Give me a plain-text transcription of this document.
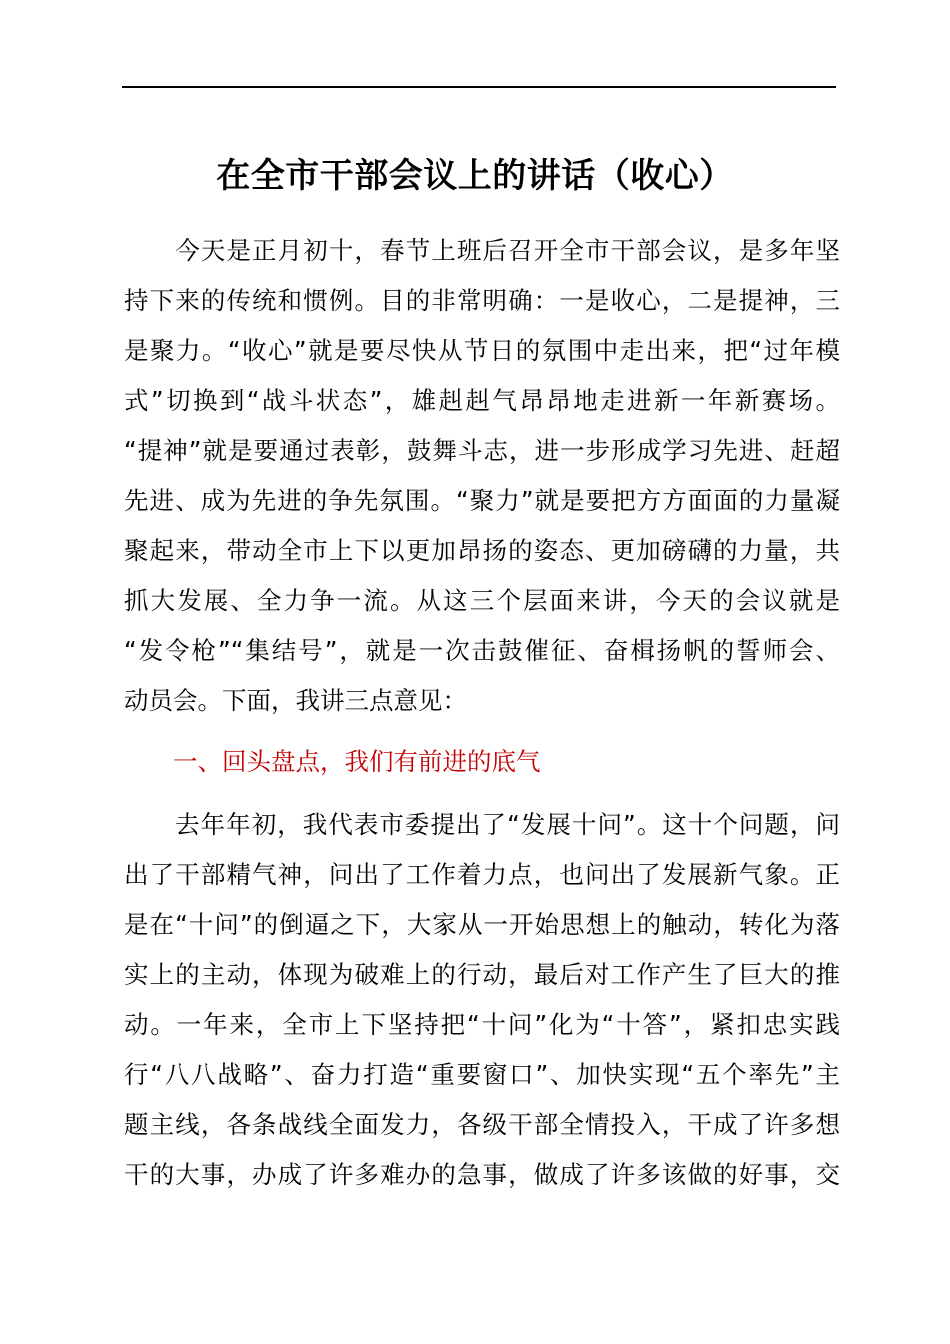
在全市干部会议上的讲话（收心）
　　今天是正月初十，春节上班后召开全市干部会议，是多年坚
持下来的传统和惯例。目的非常明确：一是收心，二是提神，三
是聚力。“收心”就是要尽快从节日的氛围中走出来，把“过年模
式”切换到“战斗状态”，雄赳赳气昂昂地走进新一年新赛场。
“提神”就是要通过表彰，鼓舞斗志，进一步形成学习先进、赶超
先进、成为先进的争先氛围。“聚力”就是要把方方面面的力量凝
聚起来，带动全市上下以更加昂扬的姿态、更加磅礴的力量，共
抓大发展、全力争一流。从这三个层面来讲，今天的会议就是
“发令枪”“集结号”，就是一次击鼓催征、奋楫扬帆的誓师会、
动员会。下面，我讲三点意见：
一、回头盘点，我们有前进的底气
　　去年年初，我代表市委提出了“发展十问”。这十个问题，问
出了干部精气神，问出了工作着力点，也问出了发展新气象。正
是在“十问”的倒逼之下，大家从一开始思想上的触动，转化为落
实上的主动，体现为破难上的行动，最后对工作产生了巨大的推
动。一年来，全市上下坚持把“十问”化为“十答”，紧扣忠实践
行“八八战略”、奋力打造“重要窗口”、加快实现“五个率先”主
题主线，各条战线全面发力，各级干部全情投入，干成了许多想
干的大事，办成了许多难办的急事，做成了许多该做的好事，交
